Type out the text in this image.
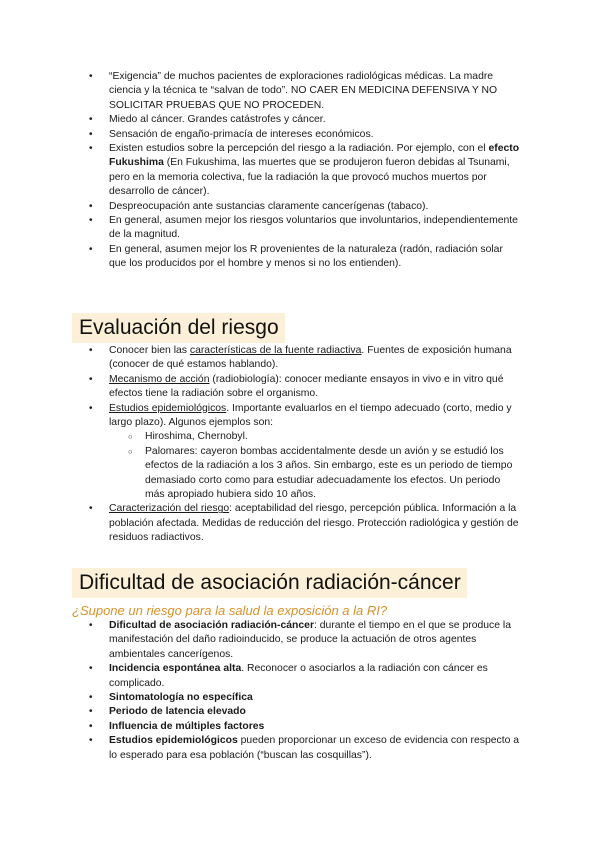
• “Exigencia” de muchos pacientes de exploraciones radiológicas médicas. La madre ciencia y la técnica te “salvan de todo”. NO CAER EN MEDICINA DEFENSIVA Y NO SOLICITAR PRUEBAS QUE NO PROCEDEN.
• Miedo al cáncer. Grandes catástrofes y cáncer.
• Sensación de engaño-primacía de intereses económicos.
• Existen estudios sobre la percepción del riesgo a la radiación. Por ejemplo, con el efecto Fukushima (En Fukushima, las muertes que se produjeron fueron debidas al Tsunami, pero en la memoria colectiva, fue la radiación la que provocó muchos muertos por desarrollo de cáncer).
• Despreocupación ante sustancias claramente cancerígenas (tabaco).
• En general, asumen mejor los riesgos voluntarios que involuntarios, independientemente de la magnitud.
• En general, asumen mejor los R provenientes de la naturaleza (radón, radiación solar que los producidos por el hombre y menos si no los entienden).
Evaluación del riesgo
• Conocer bien las características de la fuente radiactiva. Fuentes de exposición humana (conocer de qué estamos hablando).
• Mecanismo de acción (radiobiología): conocer mediante ensayos in vivo e in vitro qué efectos tiene la radiación sobre el organismo.
• Estudios epidemiológicos. Importante evaluarlos en el tiempo adecuado (corto, medio y largo plazo). Algunos ejemplos son:
○ Hiroshima, Chernobyl.
○ Palomares: cayeron bombas accidentalmente desde un avión y se estudió los efectos de la radiación a los 3 años. Sin embargo, este es un periodo de tiempo demasiado corto como para estudiar adecuadamente los efectos. Un periodo más apropiado hubiera sido 10 años.
• Caracterización del riesgo: aceptabilidad del riesgo, percepción pública. Información a la población afectada. Medidas de reducción del riesgo. Protección radiológica y gestión de residuos radiactivos.
Dificultad de asociación radiación-cáncer
¿Supone un riesgo para la salud la exposición a la RI?
• Dificultad de asociación radiación-cáncer: durante el tiempo en el que se produce la manifestación del daño radioinducido, se produce la actuación de otros agentes ambientales cancerígenos.
• Incidencia espontánea alta. Reconocer o asociarlos a la radiación con cáncer es complicado.
• Sintomatología no específica
• Periodo de latencia elevado
• Influencia de múltiples factores
• Estudios epidemiológicos pueden proporcionar un exceso de evidencia con respecto a lo esperado para esa población (“buscan las cosquillas”).
